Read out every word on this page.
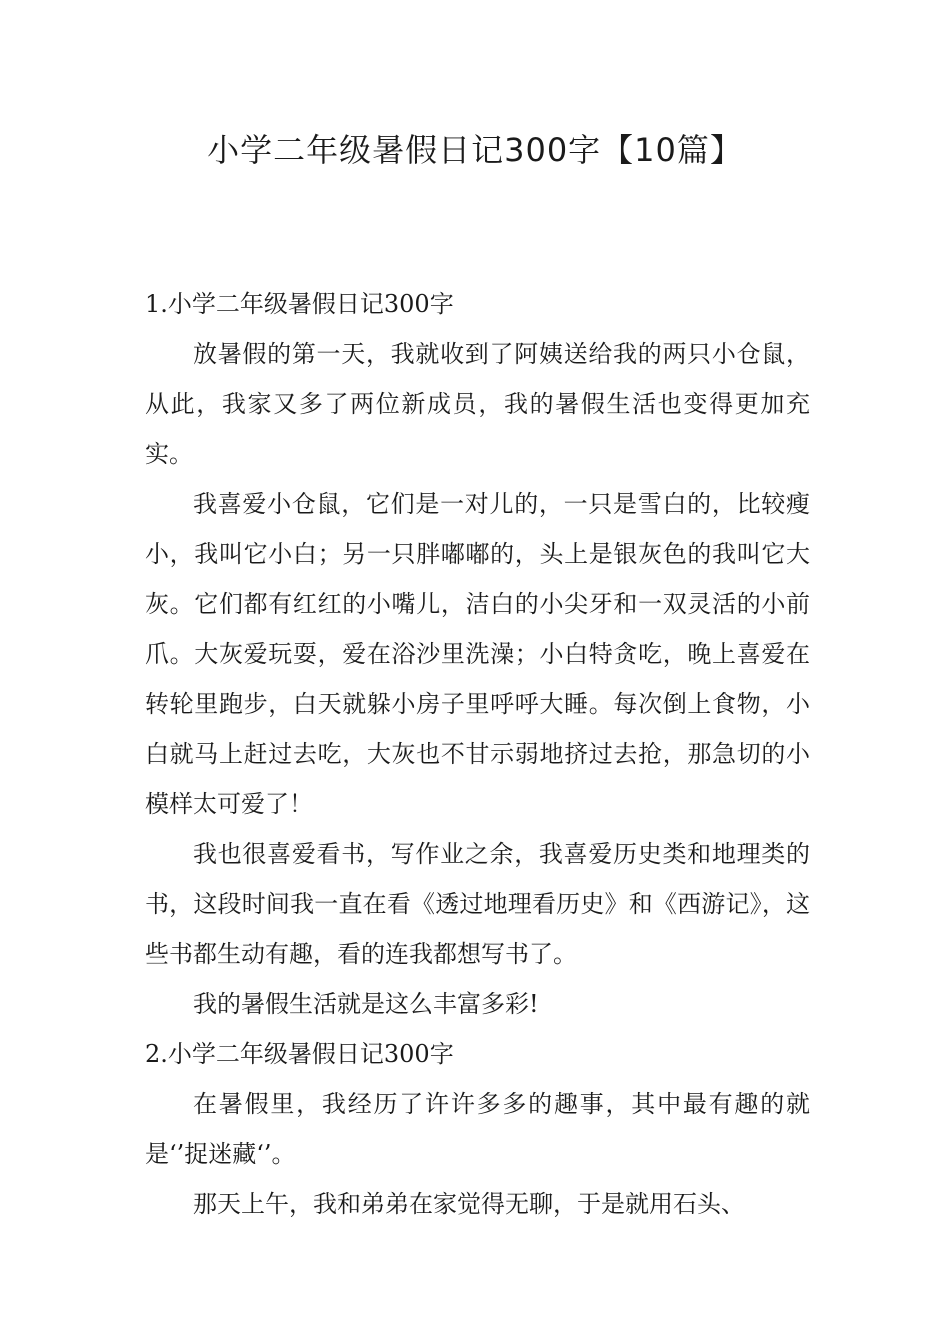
小学二年级暑假日记300字【10篇】

1.小学二年级暑假日记300字

放暑假的第一天，我就收到了阿姨送给我的两只小仓鼠，从此，我家又多了两位新成员，我的暑假生活也变得更加充实。

我喜爱小仓鼠，它们是一对儿的，一只是雪白的，比较瘦小，我叫它小白；另一只胖嘟嘟的，头上是银灰色的我叫它大灰。它们都有红红的小嘴儿，洁白的小尖牙和一双灵活的小前爪。大灰爱玩耍，爱在浴沙里洗澡；小白特贪吃，晚上喜爱在转轮里跑步，白天就躲小房子里呼呼大睡。每次倒上食物，小白就马上赶过去吃，大灰也不甘示弱地挤过去抢，那急切的小模样太可爱了！

我也很喜爱看书，写作业之余，我喜爱历史类和地理类的书，这段时间我一直在看《透过地理看历史》和《西游记》，这些书都生动有趣，看的连我都想写书了。

我的暑假生活就是这么丰富多彩!

2.小学二年级暑假日记300字

在暑假里，我经历了许许多多的趣事，其中最有趣的就是‘’捉迷藏‘’。

那天上午，我和弟弟在家觉得无聊，于是就用石头、
